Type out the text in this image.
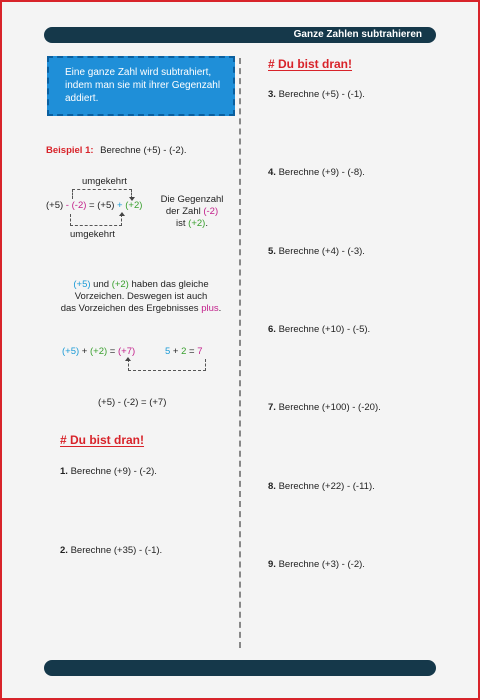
Ganze Zahlen subtrahieren
Eine ganze Zahl wird subtrahiert, indem man sie mit ihrer Gegenzahl addiert.
Beispiel 1: Berechne (+5) - (-2).
umgekehrt
(+5) - (-2) = (+5) + (+2)
umgekehrt
Die Gegenzahl
der Zahl (-2)
ist (+2).
(+5) und (+2) haben das gleiche
Vorzeichen. Deswegen ist auch
das Vorzeichen des Ergebnisses plus.
(+5) + (+2) = (+7)	5 + 2 = 7
(+5) - (-2) = (+7)
# Du bist dran!
1. Berechne (+9) - (-2).
2. Berechne (+35) - (-1).
# Du bist dran!
3. Berechne (+5) - (-1).
4. Berechne (+9) - (-8).
5. Berechne (+4) - (-3).
6. Berechne (+10) - (-5).
7. Berechne (+100) - (-20).
8. Berechne (+22) - (-11).
9. Berechne (+3) - (-2).
